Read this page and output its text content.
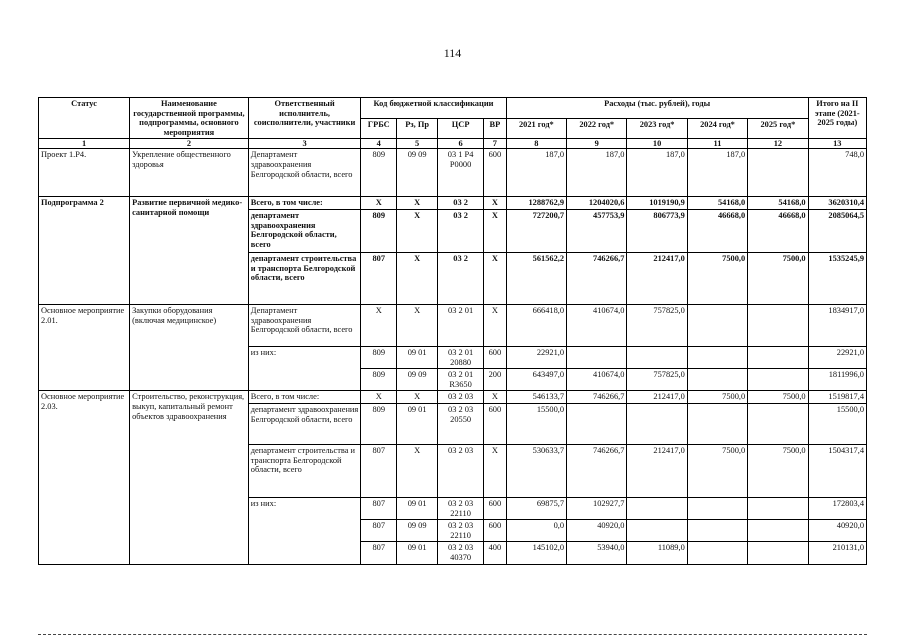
114
Статус	Наименование государственной программы, подпрограммы, основного мероприятия	Ответственный исполнитель, соисполнители, участники	Код бюджетной классификации				Расходы (тыс. рублей), годы					Итого на II этапе (2021-2025 годы)
			ГРБС	Рз, Пр	ЦСР	ВР	2021 год*	2022 год*	2023 год*	2024 год*	2025 год*	
1	2	3	4	5	6	7	8	9	10	11	12	13
Проект 1.Р4.	Укрепление общественного здоровья	Департамент здравоохранения Белгородской области, всего	809	09 09	03 1 Р4 Р0000	600	187,0	187,0	187,0	187,0		748,0
Подпрограмма 2	Развитие первичной медико-санитарной помощи	Всего, в том числе:	Х	Х	03 2	Х	1288762,9	1204020,6	1019190,9	54168,0	54168,0	3620310,4
		департамент здравоохранения Белгородской области, всего	809	Х	03 2	Х	727200,7	457753,9	806773,9	46668,0	46668,0	2085064,5
		департамент строительства и транспорта Белгородской области, всего	807	Х	03 2	Х	561562,2	746266,7	212417,0	7500,0	7500,0	1535245,9
Основное мероприятие 2.01.	Закупки оборудования (включая медицинское)	Департамент здравоохранения Белгородской области, всего	Х	Х	03 2 01	Х	666418,0	410674,0	757825,0			1834917,0
		из них:	809	09 01	03 2 01 20880	600	22921,0					22921,0
			809	09 09	03 2 01 R3650	200	643497,0	410674,0	757825,0			1811996,0
Основное мероприятие 2.03.	Строительство, реконструкция, выкуп, капитальный ремонт объектов здравоохранения	Всего, в том числе:	Х	Х	03 2 03	Х	546133,7	746266,7	212417,0	7500,0	7500,0	1519817,4
		департамент здравоохранения Белгородской области, всего	809	09 01	03 2 03 20550	600	15500,0					15500,0
		департамент строительства и транспорта Белгородской области, всего	807	Х	03 2 03	Х	530633,7	746266,7	212417,0	7500,0	7500,0	1504317,4
		из них:	807	09 01	03 2 03 22110	600	69875,7	102927,7				172803,4
			807	09 09	03 2 03 22110	600	0,0	40920,0				40920,0
			807	09 01	03 2 03 40370	400	145102,0	53940,0	11089,0			210131,0
